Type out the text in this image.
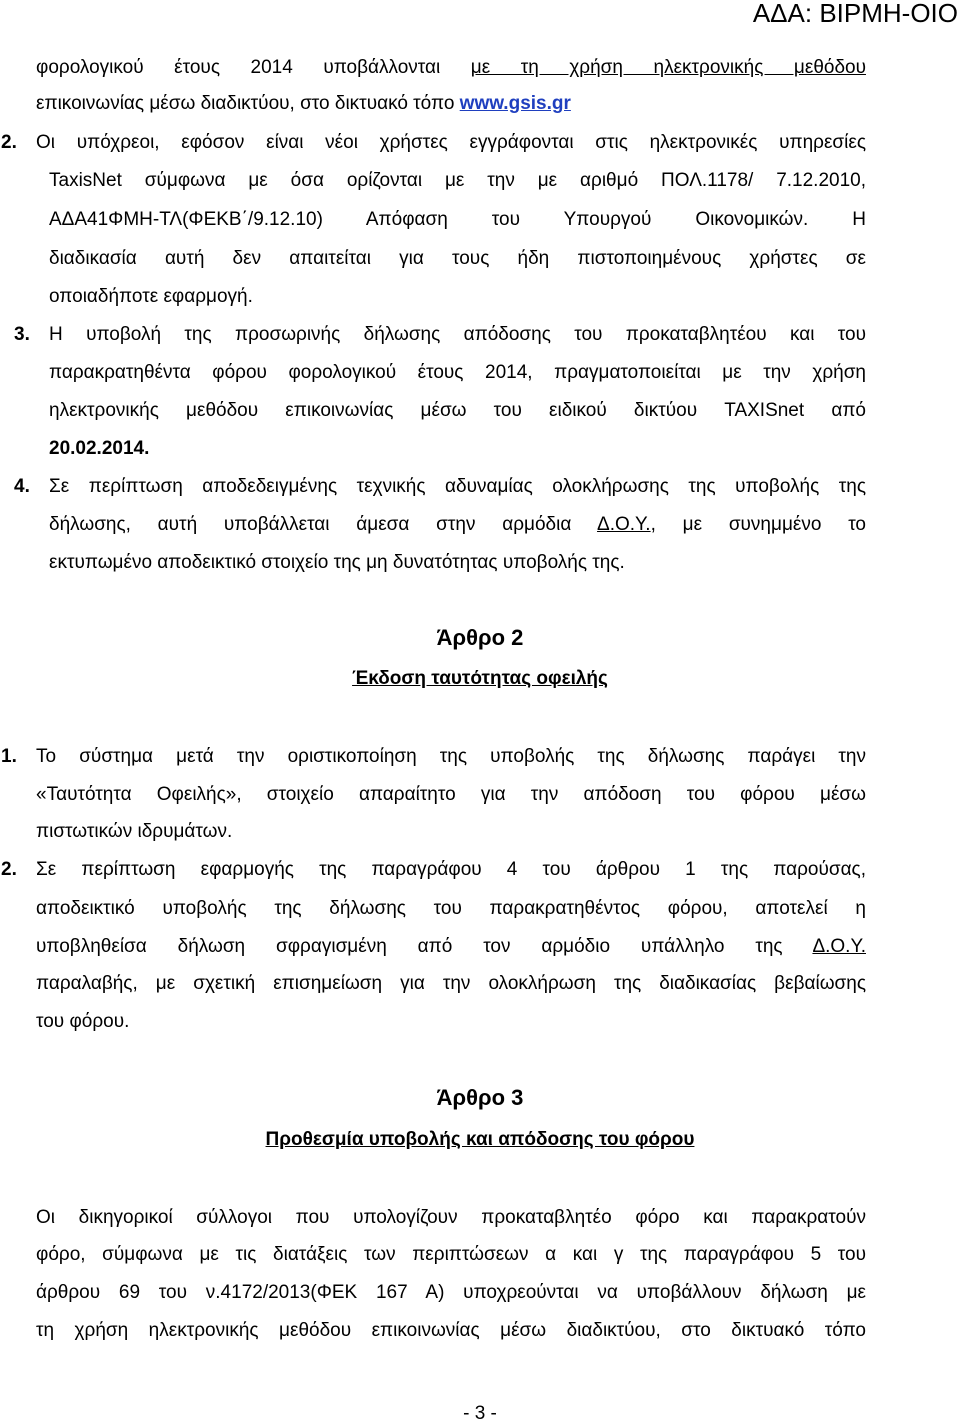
ΑΔΑ: ΒΙΡΜΗ-ΟΙΟ
φορολογικού έτους 2014 υποβάλλονται με τη χρήση ηλεκτρονικής μεθόδου
επικοινωνίας μέσω διαδικτύου, στο δικτυακό τόπο www.gsis.gr
2. Οι υπόχρεοι, εφόσον είναι νέοι χρήστες εγγράφονται στις ηλεκτρονικές υπηρεσίες
TaxisNet σύμφωνα με όσα ορίζονται με την με αριθμό ΠΟΛ.1178/ 7.12.2010,
ΑΔΑ41ΦΜΗ-ΤΛ(ΦΕΚΒ΄/9.12.10) Απόφαση του Υπουργού Οικονομικών. Η
διαδικασία αυτή δεν απαιτείται για τους ήδη πιστοποιημένους χρήστες σε
οποιαδήποτε εφαρμογή.
3. Η υποβολή της προσωρινής δήλωσης απόδοσης του προκαταβλητέου και του
παρακρατηθέντα φόρου φορολογικού έτους 2014, πραγματοποιείται με την χρήση
ηλεκτρονικής μεθόδου επικοινωνίας μέσω του ειδικού δικτύου TAXISnet από
20.02.2014.
4. Σε περίπτωση αποδεδειγμένης τεχνικής αδυναμίας ολοκλήρωσης της υποβολής της
δήλωσης, αυτή υποβάλλεται άμεσα στην αρμόδια Δ.Ο.Υ., με συνημμένο το
εκτυπωμένο αποδεικτικό στοιχείο της μη δυνατότητας υποβολής της.
Άρθρο 2
Έκδοση ταυτότητας οφειλής
1. Το σύστημα μετά την οριστικοποίηση της υποβολής της δήλωσης παράγει την
«Ταυτότητα Οφειλής», στοιχείο απαραίτητο για την απόδοση του φόρου μέσω
πιστωτικών ιδρυμάτων.
2. Σε περίπτωση εφαρμογής της παραγράφου 4 του άρθρου 1 της παρούσας,
αποδεικτικό υποβολής της δήλωσης του παρακρατηθέντος φόρου, αποτελεί η
υποβληθείσα δήλωση σφραγισμένη από τον αρμόδιο υπάλληλο της Δ.Ο.Υ.
παραλαβής, με σχετική επισημείωση για την ολοκλήρωση της διαδικασίας βεβαίωσης
του φόρου.
Άρθρο 3
Προθεσμία υποβολής και απόδοσης του φόρου
Οι δικηγορικοί σύλλογοι που υπολογίζουν προκαταβλητέο φόρο και παρακρατούν
φόρο, σύμφωνα με τις διατάξεις των περιπτώσεων α και γ της παραγράφου 5 του
άρθρου 69 του ν.4172/2013(ΦΕΚ 167 Α) υποχρεούνται να υποβάλλουν δήλωση με
τη χρήση ηλεκτρονικής μεθόδου επικοινωνίας μέσω διαδικτύου, στο δικτυακό τόπο
- 3 -
